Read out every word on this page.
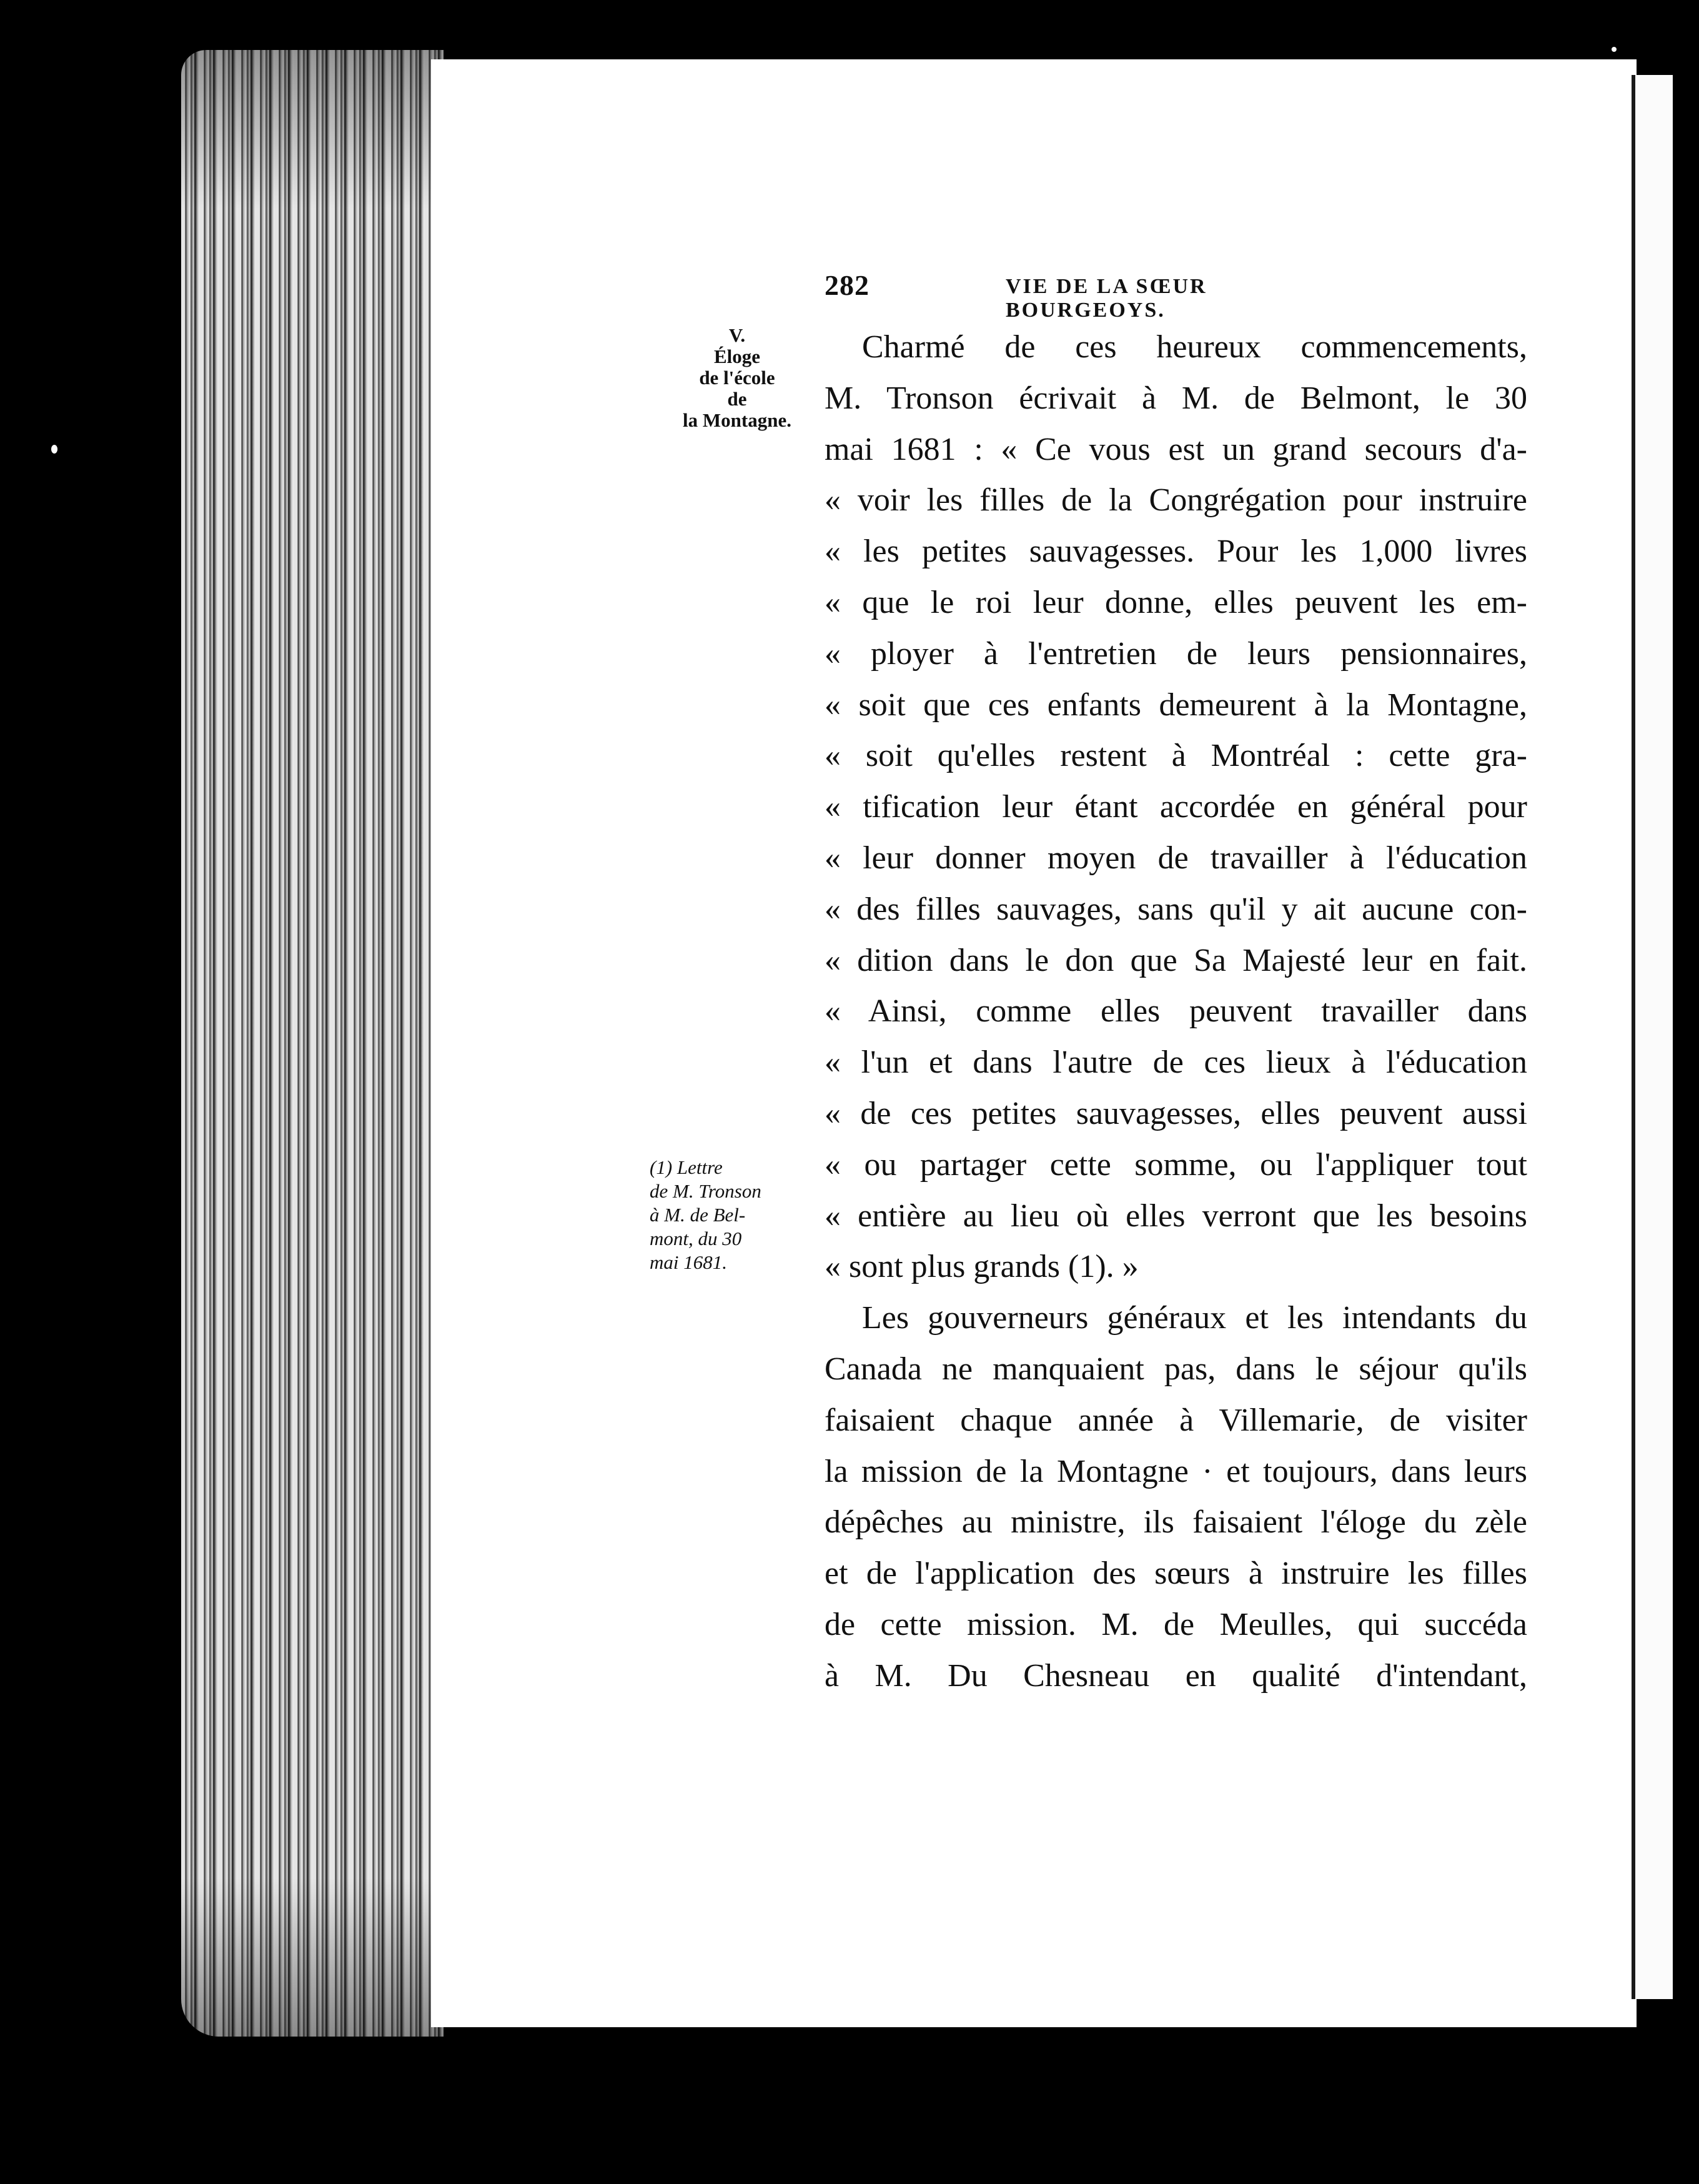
282	VIE DE LA SŒUR BOURGEOYS.
V.
Éloge
de l'école
de
la Montagne.
(1) Lettre
de M. Tronson
à M. de Bel-
mont, du 30
mai 1681.
Charmé de ces heureux commencements,
M. Tronson écrivait à M. de Belmont, le 30
mai 1681 : « Ce vous est un grand secours d'a-
« voir les filles de la Congrégation pour instruire
« les petites sauvagesses. Pour les 1,000 livres
« que le roi leur donne, elles peuvent les em-
« ployer à l'entretien de leurs pensionnaires,
« soit que ces enfants demeurent à la Montagne,
« soit qu'elles restent à Montréal : cette gra-
« tification leur étant accordée en général pour
« leur donner moyen de travailler à l'éducation
« des filles sauvages, sans qu'il y ait aucune con-
« dition dans le don que Sa Majesté leur en fait.
« Ainsi, comme elles peuvent travailler dans
« l'un et dans l'autre de ces lieux à l'éducation
« de ces petites sauvagesses, elles peuvent aussi
« ou partager cette somme, ou l'appliquer tout
« entière au lieu où elles verront que les besoins
« sont plus grands (1). »
Les gouverneurs généraux et les intendants du
Canada ne manquaient pas, dans le séjour qu'ils
faisaient chaque année à Villemarie, de visiter
la mission de la Montagne · et toujours, dans leurs
dépêches au ministre, ils faisaient l'éloge du zèle
et de l'application des sœurs à instruire les filles
de cette mission. M. de Meulles, qui succéda
à M. Du Chesneau en qualité d'intendant,
